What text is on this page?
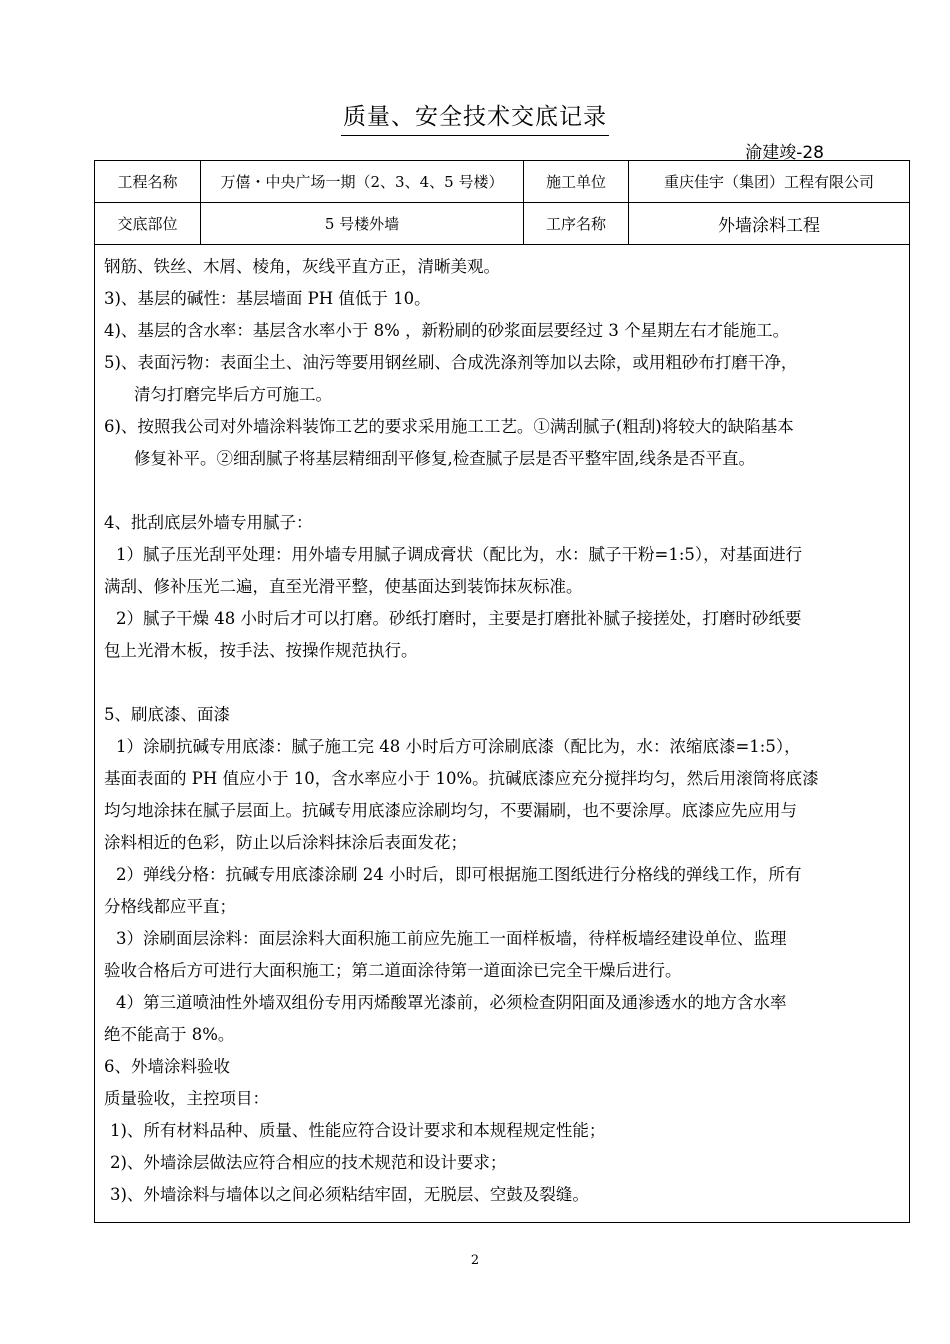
质量、安全技术交底记录
渝建竣-28
工程名称	万僖・中央广场一期（2、3、4、5 号楼）	施工单位	重庆佳宇（集团）工程有限公司
交底部位	5 号楼外墙	工序名称	外墙涂料工程

钢筋、铁丝、木屑、棱角，灰线平直方正，清晰美观。

3)、基层的碱性：基层墙面 PH 值低于 10。

4)、基层的含水率：基层含水率小于 8% ，新粉刷的砂浆面层要经过 3 个星期左右才能施工。

5)、表面污物：表面尘土、油污等要用钢丝刷、合成洗涤剂等加以去除，或用粗砂布打磨干净，

清匀打磨完毕后方可施工。

6)、按照我公司对外墙涂料装饰工艺的要求采用施工工艺。①满刮腻子(粗刮)将较大的缺陷基本

修复补平。②细刮腻子将基层精细刮平修复,检查腻子层是否平整牢固,线条是否平直。

4、批刮底层外墙专用腻子：

1）腻子压光刮平处理：用外墙专用腻子调成膏状（配比为，水：腻子干粉=1:5），对基面进行

满刮、修补压光二遍，直至光滑平整，使基面达到装饰抹灰标准。

2）腻子干燥 48 小时后才可以打磨。砂纸打磨时，主要是打磨批补腻子接搓处，打磨时砂纸要

包上光滑木板，按手法、按操作规范执行。

5、刷底漆、面漆

1）涂刷抗碱专用底漆：腻子施工完 48 小时后方可涂刷底漆（配比为，水：浓缩底漆=1:5），

基面表面的 PH 值应小于 10，含水率应小于 10%。抗碱底漆应充分搅拌均匀，然后用滚筒将底漆

均匀地涂抹在腻子层面上。抗碱专用底漆应涂刷均匀，不要漏刷，也不要涂厚。底漆应先应用与

涂料相近的色彩，防止以后涂料抹涂后表面发花；

2）弹线分格：抗碱专用底漆涂刷 24 小时后，即可根据施工图纸进行分格线的弹线工作，所有

分格线都应平直；

3）涂刷面层涂料：面层涂料大面积施工前应先施工一面样板墙，待样板墙经建设单位、监理

验收合格后方可进行大面积施工；第二道面涂待第一道面涂已完全干燥后进行。

4）第三道喷油性外墙双组份专用丙烯酸罩光漆前，必须检查阴阳面及通渗透水的地方含水率

绝不能高于 8%。

6、外墙涂料验收

质量验收，主控项目：

1)、所有材料品种、质量、性能应符合设计要求和本规程规定性能；

2)、外墙涂层做法应符合相应的技术规范和设计要求；

3)、外墙涂料与墙体以之间必须粘结牢固，无脱层、空鼓及裂缝。

2
